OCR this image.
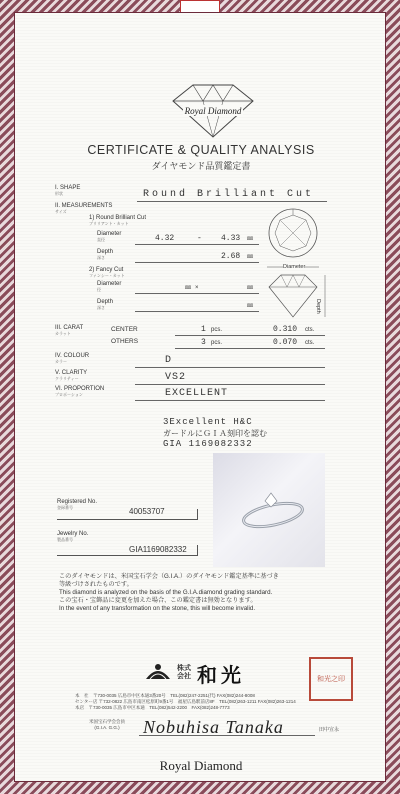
Royal Diamond
CERTIFICATE & QUALITY ANALYSIS
ダイヤモンド品質鑑定書
I. SHAPE
形状	Round Brilliant Cut
II. MEASUREMENTS
サイズ
1) Round Brilliant Cut
ブリリアント・カット
Diameter
直径	4.32	- 4.33 ㎜
Depth
深さ	2.68 ㎜
2) Fancy Cut
ファンシー・カット
Diameter
径	㎜ ×	㎜
Depth
深さ	㎜
Diameter
Depth
III. CARAT
カラット
CENTER	1 pcs.	0.310 cts.
OTHERS	3 pcs.	0.070 cts.
IV. COLOUR
カラー	D
V. CLARITY
クラリティー	VS2
VI. PROPORTION
プロポーション	EXCELLENT
3Excellent H&C
ガードルにＧＩＡ刻印を認む
GIA 1169082332
Registered No.
登録番号	40053707
Jewelry No.
製品番号
GIA1169082332
このダイヤモンドは、米国宝石学会（G.I.A.）のダイヤモンド鑑定基準に基づき
等級づけされたものです。
This diamond is analyzed on the basis of the G.I.A.diamond grading standard.
この宝石・宝飾品に変更を加えた場合、この鑑定書は無効となります。
In the event of any transformation on the stone, this will become invalid.
株式会社 和光	和光之印
本　社　〒730-0035 広島市中区本通3番20号　TEL(082)247-2251(代) FAX(082)244-8008
センター店 〒732-0822 広島市南区松原町9番1号　福屋広島駅前店8F　TEL(082)263-1211 FAX(082)263-1214
本店　〒730-0035 広島市中区本通　TEL(082)542-2200　FAX(082)248-7773
米国宝石学会会員
(G.I.A. G.G.)	Nobuhisa Tanaka	田中宣永
Royal Diamond
